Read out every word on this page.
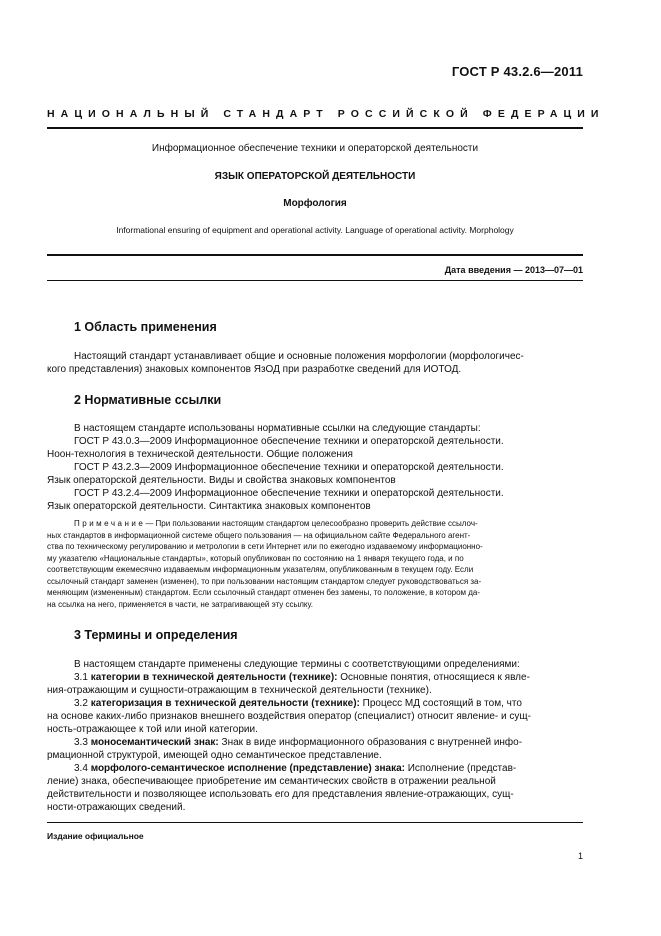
ГОСТ Р 43.2.6—2011
НАЦИОНАЛЬНЫЙ СТАНДАРТ РОССИЙСКОЙ ФЕДЕРАЦИИ
Информационное обеспечение техники и операторской деятельности
ЯЗЫК ОПЕРАТОРСКОЙ ДЕЯТЕЛЬНОСТИ
Морфология
Informational ensuring of equipment and operational activity. Language of operational activity. Morphology
Дата введения — 2013—07—01
1 Область применения
Настоящий стандарт устанавливает общие и основные положения морфологии (морфологичес-
кого представления) знаковых компонентов ЯзОД при разработке сведений для ИОТОД.
2 Нормативные ссылки
В настоящем стандарте использованы нормативные ссылки на следующие стандарты:
ГОСТ Р 43.0.3—2009 Информационное обеспечение техники и операторской деятельности.
Ноон-технология в технической деятельности. Общие положения
ГОСТ Р 43.2.3—2009 Информационное обеспечение техники и операторской деятельности.
Язык операторской деятельности. Виды и свойства знаковых компонентов
ГОСТ Р 43.2.4—2009 Информационное обеспечение техники и операторской деятельности.
Язык операторской деятельности. Синтактика знаковых компонентов
Примечание— При пользовании настоящим стандартом целесообразно проверить действие ссылоч-
ных стандартов в информационной системе общего пользования — на официальном сайте Федерального агент-
ства по техническому регулированию и метрологии в сети Интернет или по ежегодно издаваемому информационно-
му указателю «Национальные стандарты», который опубликован по состоянию на 1 января текущего года, и по
соответствующим ежемесячно издаваемым информационным указателям, опубликованным в текущем году. Если
ссылочный стандарт заменен (изменен), то при пользовании настоящим стандартом следует руководствоваться за-
меняющим (измененным) стандартом. Если ссылочный стандарт отменен без замены, то положение, в котором да-
на ссылка на него, применяется в части, не затрагивающей эту ссылку.
3 Термины и определения
В настоящем стандарте применены следующие термины с соответствующими определениями:
3.1 категории в технической деятельности (технике): Основные понятия, относящиеся к явле-
ния-отражающим и сущности-отражающим в технической деятельности (технике).
3.2 категоризация в технической деятельности (технике): Процесс МД состоящий в том, что
на основе каких-либо признаков внешнего воздействия оператор (специалист) относит явление- и сущ-
ность-отражающее к той или иной категории.
3.3 моносемантический знак: Знак в виде информационного образования с внутренней инфо-
рмационной структурой, имеющей одно семантическое представление.
3.4 морфолого-семантическое исполнение (представление) знака: Исполнение (представ-
ление) знака, обеспечивающее приобретение им семантических свойств в отражении реальной
действительности и позволяющее использовать его для представления явление-отражающих, сущ-
ности-отражающих сведений.
Издание официальное
1
